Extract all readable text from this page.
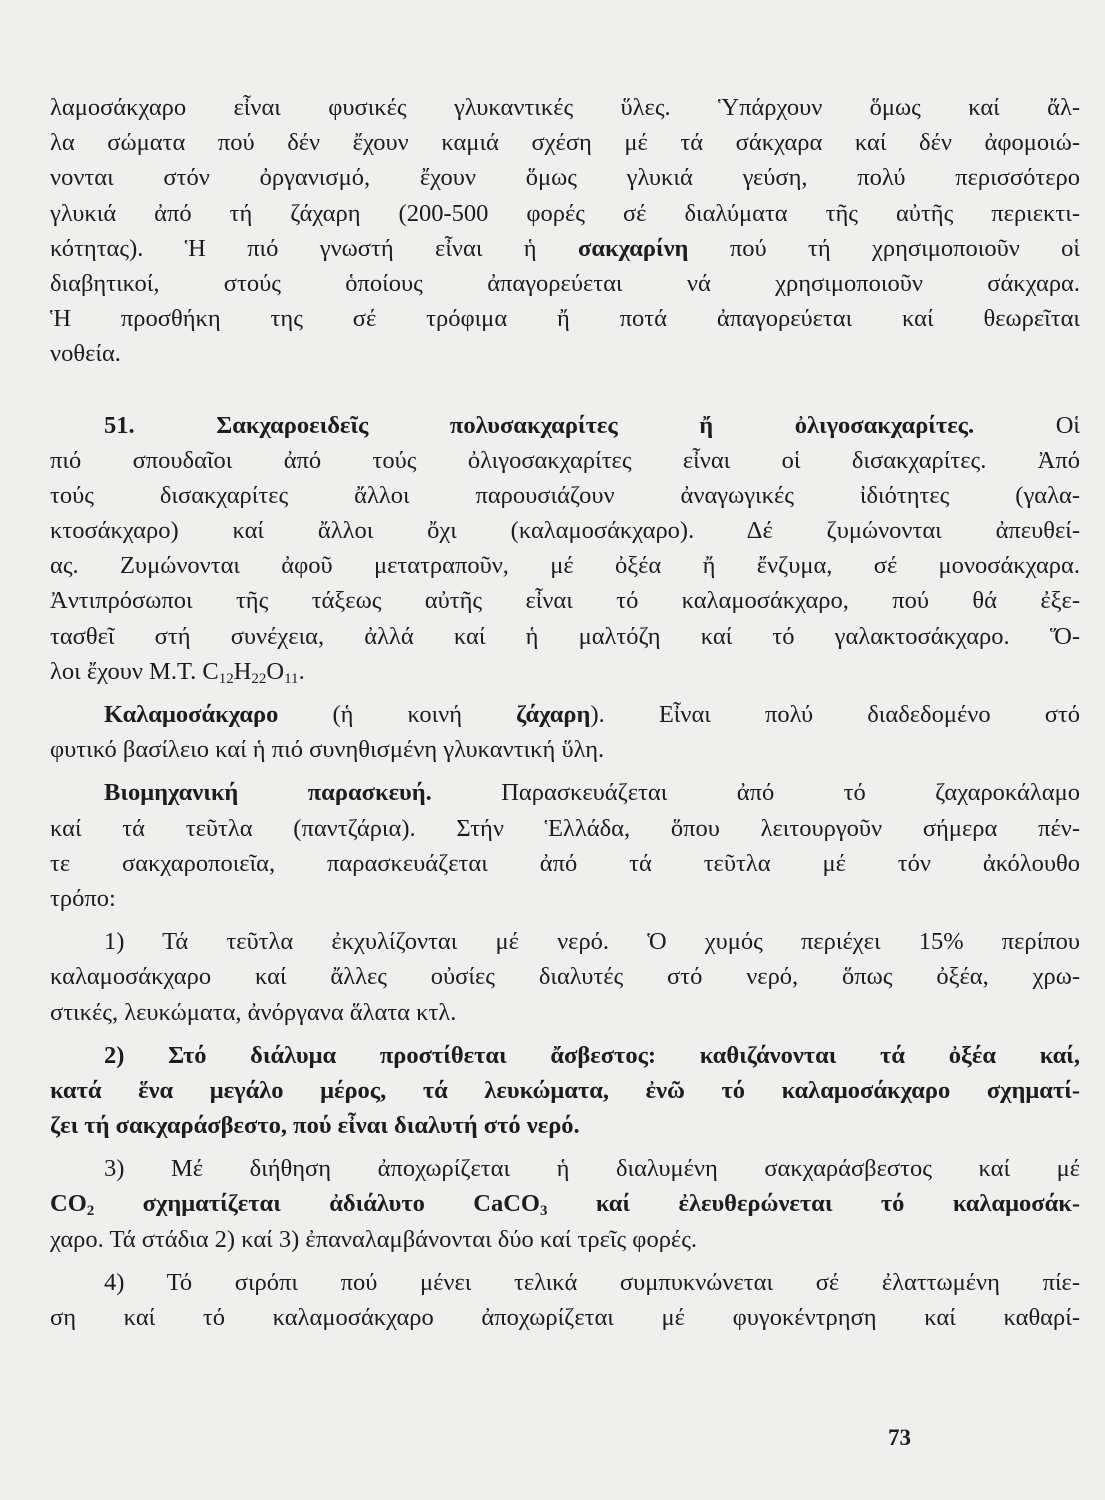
λαμοσάκχαρο εἶναι φυσικές γλυκαντικές ὕλες. Ὑπάρχουν ὅμως καί ἄλ-
λα σώματα πού δέν ἔχουν καμιά σχέση μέ τά σάκχαρα καί δέν ἀφομοιώ-
νονται στόν ὀργανισμό, ἔχουν ὅμως γλυκιά γεύση, πολύ περισσότερο
γλυκιά ἀπό τή ζάχαρη (200-500 φορές σέ διαλύματα τῆς αὐτῆς περιεκτι-
κότητας). Ἡ πιό γνωστή εἶναι ἡ σακχαρίνη πού τή χρησιμοποιοῦν οἱ
διαβητικοί, στούς ὁποίους ἀπαγορεύεται νά χρησιμοποιοῦν σάκχαρα.
Ἡ προσθήκη της σέ τρόφιμα ἤ ποτά ἀπαγορεύεται καί θεωρεῖται
νοθεία.
51.	Σακχαροειδεῖς πολυσακχαρίτες ἤ ὀλιγοσακχαρίτες. Οἱ
πιό σπουδαῖοι ἀπό τούς ὀλιγοσακχαρίτες εἶναι οἱ δισακχαρίτες. Ἀπό
τούς δισακχαρίτες ἄλλοι παρουσιάζουν ἀναγωγικές ἰδιότητες (γαλα-
κτοσάκχαρο) καί ἄλλοι ὄχι (καλαμοσάκχαρο). Δέ ζυμώνονται ἀπευθεί-
ας. Ζυμώνονται ἀφοῦ μετατραποῦν, μέ ὀξέα ἤ ἔνζυμα, σέ μονοσάκχαρα.
Ἀντιπρόσωποι τῆς τάξεως αὐτῆς εἶναι τό καλαμοσάκχαρο, πού θά ἐξε-
τασθεῖ στή συνέχεια, ἀλλά καί ἡ μαλτόζη καί τό γαλακτοσάκχαρο. Ὅ-
λοι ἔχουν Μ.Τ. $C_{12}H_{22}O_{11}$.
Καλαμοσάκχαρο (ἡ κοινή ζάχαρη). Εἶναι πολύ διαδεδομένο στό
φυτικό βασίλειο καί ἡ πιό συνηθισμένη γλυκαντική ὕλη.
Βιομηχανική παρασκευή. Παρασκευάζεται ἀπό τό ζαχαροκάλαμο
καί τά τεῦτλα (παντζάρια). Στήν Ἑλλάδα, ὅπου λειτουργοῦν σήμερα πέν-
τε σακχαροποιεῖα, παρασκευάζεται ἀπό τά τεῦτλα μέ τόν ἀκόλουθο
τρόπο:
1) Τά τεῦτλα ἐκχυλίζονται μέ νερό. Ὁ χυμός περιέχει 15% περίπου
καλαμοσάκχαρο καί ἄλλες οὐσίες διαλυτές στό νερό, ὅπως ὀξέα, χρω-
στικές, λευκώματα, ἀνόργανα ἅλατα κτλ.
2) Στό διάλυμα προστίθεται ἄσβεστος: καθιζάνονται τά ὀξέα καί,
κατά ἕνα μεγάλο μέρος, τά λευκώματα, ἐνῶ τό καλαμοσάκχαρο σχηματί-
ζει τή σακχαράσβεστο, πού εἶναι διαλυτή στό νερό.
3) Μέ διήθηση ἀποχωρίζεται ἡ διαλυμένη σακχαράσβεστος καί μέ
$CO_2$ σχηματίζεται ἀδιάλυτο CaCO$_3$ καί ἐλευθερώνεται τό καλαμοσάκ-
χαρο. Τά στάδια 2) καί 3) ἐπαναλαμβάνονται δύο καί τρεῖς φορές.
4) Τό σιρόπι πού μένει τελικά συμπυκνώνεται σέ ἐλαττωμένη πίε-
ση καί τό καλαμοσάκχαρο ἀποχωρίζεται μέ φυγοκέντρηση καί καθαρί-
73
